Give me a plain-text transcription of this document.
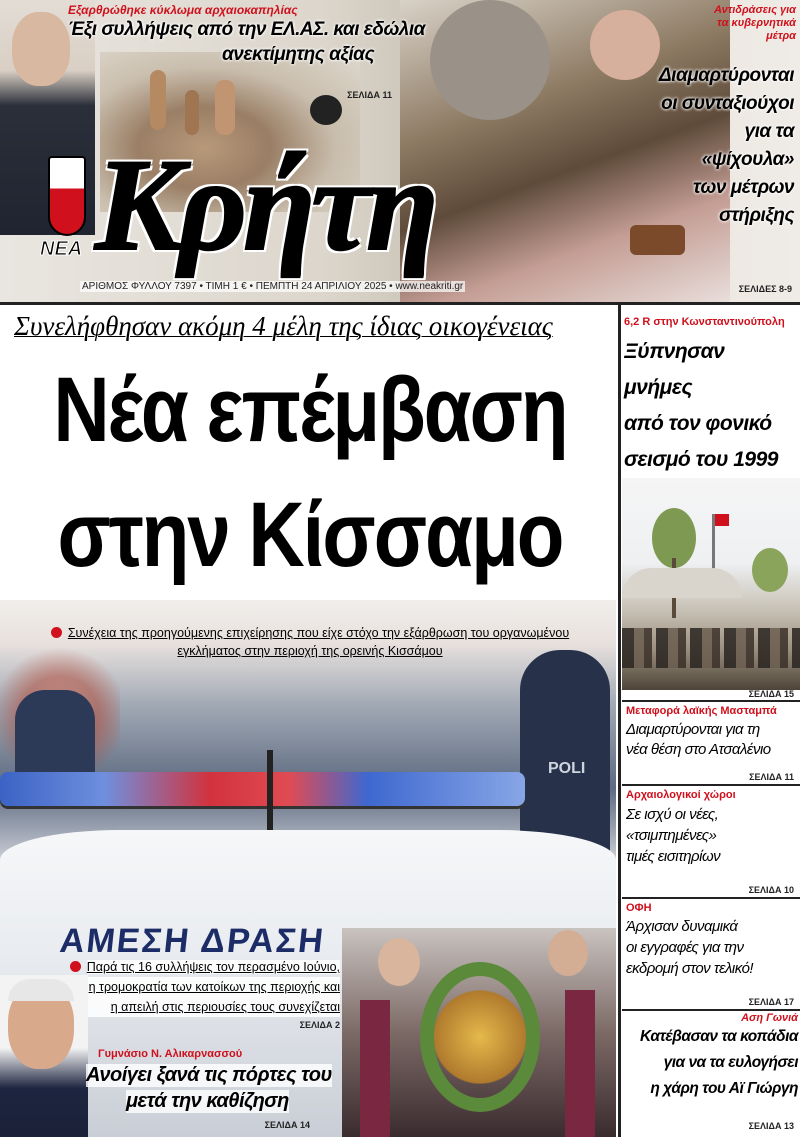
Εξαρθρώθηκε κύκλωμα αρχαιοκαπηλίας
Έξι συλλήψεις από την ΕΛ.ΑΣ. και εδώλια
ανεκτίμητης αξίας
ΣΕΛΙΔΑ 11
Αντιδράσεις για
τα κυβερνητικά
μέτρα
Διαμαρτύρονται
οι συνταξιούχοι
για τα
«ψίχουλα»
των μέτρων
στήριξης
ΣΕΛΙΔΕΣ 8-9
ΝΕΑ Κρήτη
ΑΡΙΘΜΟΣ ΦΥΛΛΟΥ 7397 • ΤΙΜΗ 1 € • ΠΕΜΠΤΗ 24 ΑΠΡΙΛΙΟΥ 2025 • www.neakriti.gr
Συνελήφθησαν ακόμη 4 μέλη της ίδιας οικογένειας
Νέα επέμβαση
στην Κίσσαμο
POLI
ΑΜΕΣΗ ΔΡΑΣΗ
Συνέχεια της προηγούμενης επιχείρησης που είχε στόχο την εξάρθρωση του οργανωμένου
εγκλήματος στην περιοχή της ορεινής Κισσάμου
Παρά τις 16 συλλήψεις τον περασμένο Ιούνιο,
η τρομοκρατία των κατοίκων της περιοχής και
η απειλή στις περιουσίες τους συνεχίζεται
ΣΕΛΙΔΑ 2
Γυμνάσιο Ν. Αλικαρνασσού
Ανοίγει ξανά τις πόρτες του
μετά την καθίζηση
ΣΕΛΙΔΑ 14
6,2 R στην Κωνσταντινούπολη
Ξύπνησαν μνήμες
από τον φονικό
σεισμό του 1999
ΣΕΛΙΔΑ 15
Μεταφορά λαϊκής Μασταμπά
Διαμαρτύρονται για τη
νέα θέση στο Ατσαλένιο
ΣΕΛΙΔΑ 11
Αρχαιολογικοί χώροι
Σε ισχύ οι νέες,
«τσιμπημένες»
τιμές εισιτηρίων
ΣΕΛΙΔΑ 10
ΟΦΗ
Άρχισαν δυναμικά
οι εγγραφές για την
εκδρομή στον τελικό!
ΣΕΛΙΔΑ 17
Αση Γωνιά
Κατέβασαν τα κοπάδια
για να τα ευλογήσει
η χάρη του Αϊ Γιώργη
ΣΕΛΙΔΑ 13
